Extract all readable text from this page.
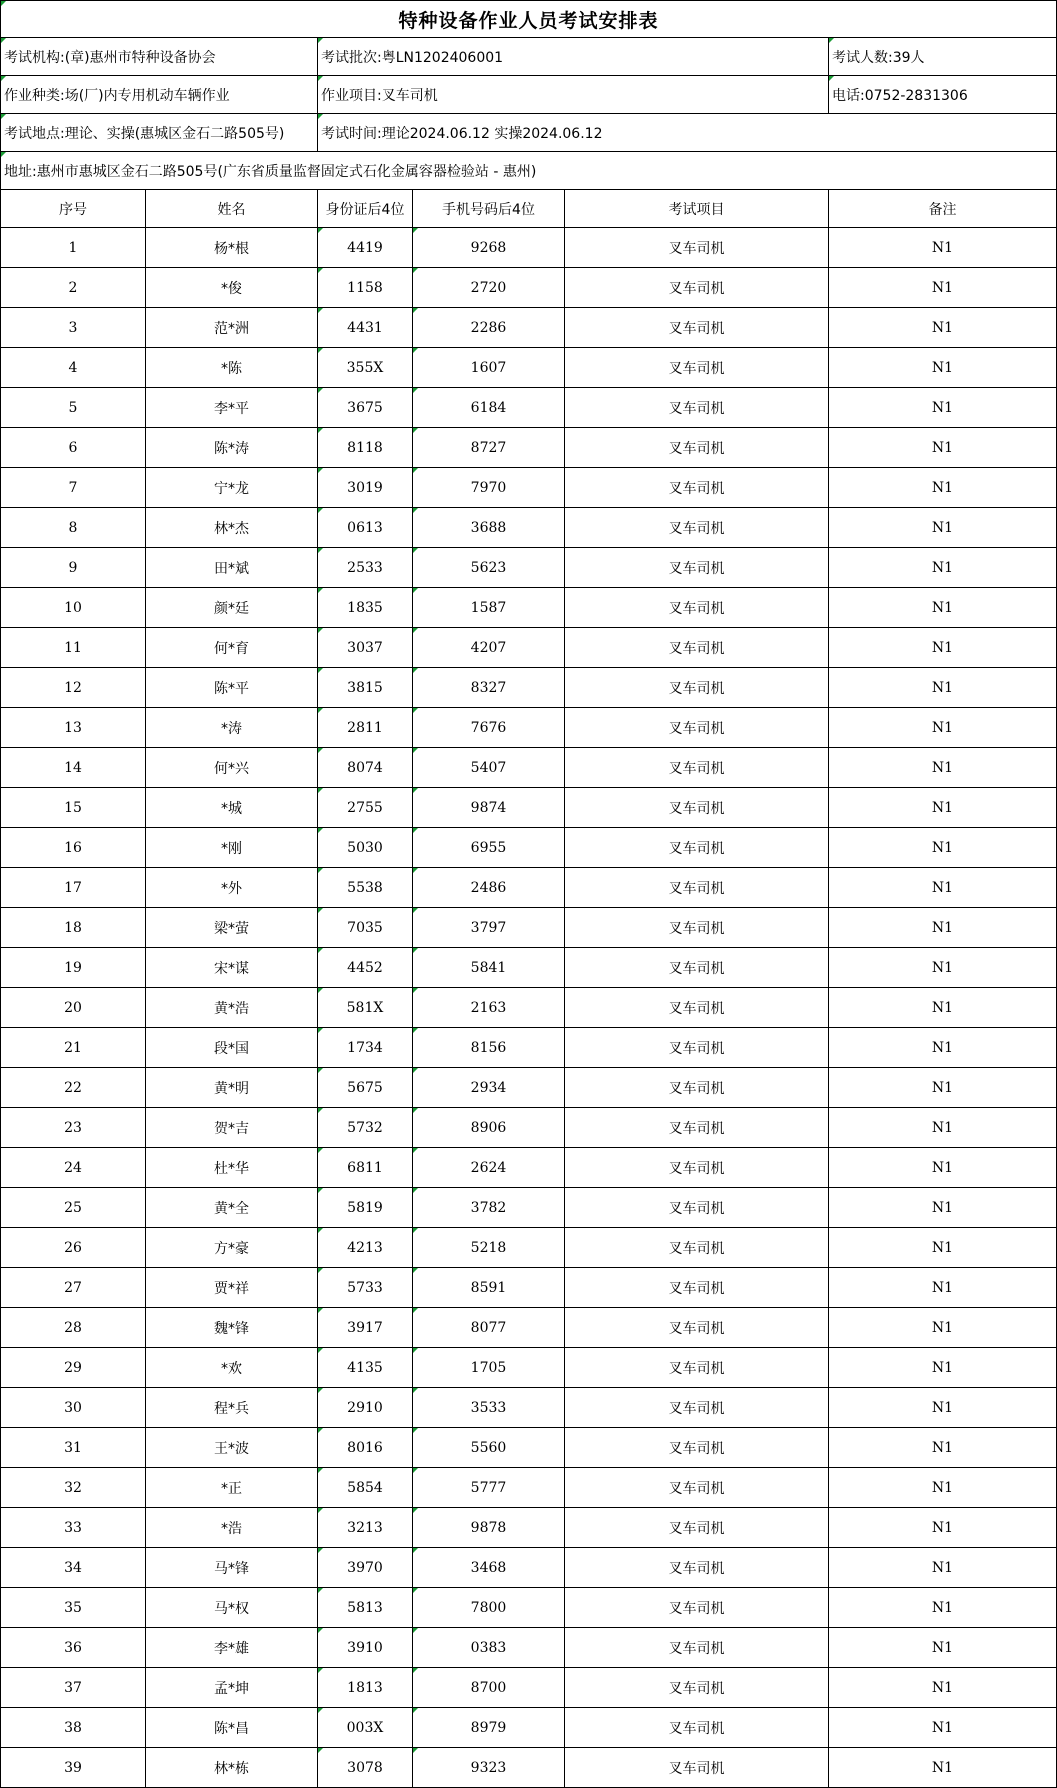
特种设备作业人员考试安排表					
考试机构:(章)惠州市特种设备协会		考试批次:粤LN1202406001			考试人数:39人
作业种类:场(厂)内专用机动车辆作业		作业项目:叉车司机			电话:0752-2831306
考试地点:理论、实操(惠城区金石二路505号)		考试时间:理论2024.06.12 实操2024.06.12			
地址:惠州市惠城区金石二路505号(广东省质量监督固定式石化金属容器检验站 - 惠州)					
序号	姓名	身份证后4位	手机号码后4位	考试项目	备注
1	杨*根	4419	9268	叉车司机	N1
2	*俊	1158	2720	叉车司机	N1
3	范*洲	4431	2286	叉车司机	N1
4	*陈	355X	1607	叉车司机	N1
5	李*平	3675	6184	叉车司机	N1
6	陈*涛	8118	8727	叉车司机	N1
7	宁*龙	3019	7970	叉车司机	N1
8	林*杰	0613	3688	叉车司机	N1
9	田*斌	2533	5623	叉车司机	N1
10	颜*廷	1835	1587	叉车司机	N1
11	何*育	3037	4207	叉车司机	N1
12	陈*平	3815	8327	叉车司机	N1
13	*涛	2811	7676	叉车司机	N1
14	何*兴	8074	5407	叉车司机	N1
15	*城	2755	9874	叉车司机	N1
16	*刚	5030	6955	叉车司机	N1
17	*外	5538	2486	叉车司机	N1
18	梁*萤	7035	3797	叉车司机	N1
19	宋*谋	4452	5841	叉车司机	N1
20	黄*浩	581X	2163	叉车司机	N1
21	段*国	1734	8156	叉车司机	N1
22	黄*明	5675	2934	叉车司机	N1
23	贺*吉	5732	8906	叉车司机	N1
24	杜*华	6811	2624	叉车司机	N1
25	黄*全	5819	3782	叉车司机	N1
26	方*豪	4213	5218	叉车司机	N1
27	贾*祥	5733	8591	叉车司机	N1
28	魏*锋	3917	8077	叉车司机	N1
29	*欢	4135	1705	叉车司机	N1
30	程*兵	2910	3533	叉车司机	N1
31	王*波	8016	5560	叉车司机	N1
32	*正	5854	5777	叉车司机	N1
33	*浩	3213	9878	叉车司机	N1
34	马*锋	3970	3468	叉车司机	N1
35	马*权	5813	7800	叉车司机	N1
36	李*雄	3910	0383	叉车司机	N1
37	孟*坤	1813	8700	叉车司机	N1
38	陈*昌	003X	8979	叉车司机	N1
39	林*栋	3078	9323	叉车司机	N1
